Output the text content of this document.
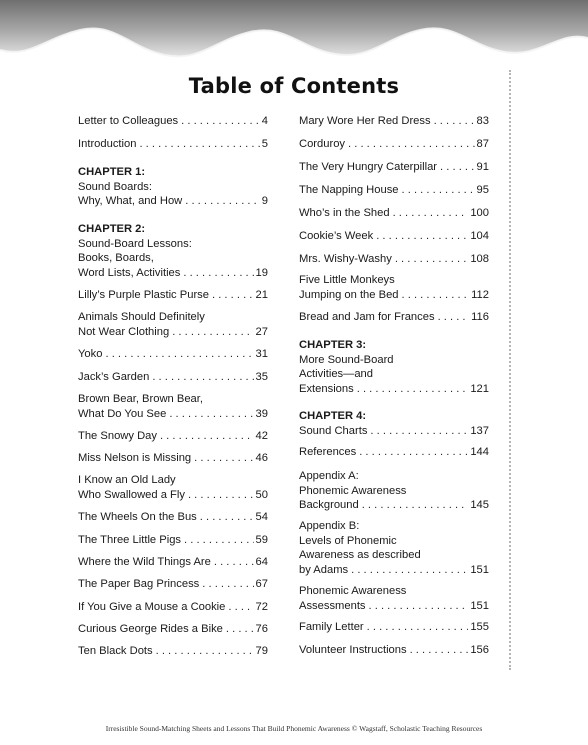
Table of Contents
Letter to Colleagues . . .	4
Introduction . . .	5
CHAPTER 1:
Sound Boards:
Why, What, and How . . .	9
CHAPTER 2:
Sound-Board Lessons:
Books, Boards,
Word Lists, Activities . . .	19
Lilly’s Purple Plastic Purse . . .	21
Animals Should Definitely
Not Wear Clothing . . .	27
Yoko . . .	31
Jack’s Garden . . .	35
Brown Bear, Brown Bear,
What Do You See . . .	39
The Snowy Day . . .	42
Miss Nelson is Missing . . .	46
I Know an Old Lady
Who Swallowed a Fly . . .	50
The Wheels On the Bus . . .	54
The Three Little Pigs . . .	59
Where the Wild Things Are . . .	64
The Paper Bag Princess . . .	67
If You Give a Mouse a Cookie . . .	72
Curious George Rides a Bike . . .	76
Ten Black Dots . . .	79
Mary Wore Her Red Dress . . .	83
Corduroy . . .	87
The Very Hungry Caterpillar . . .	91
The Napping House . . .	95
Who’s in the Shed . . .	100
Cookie’s Week . . .	104
Mrs. Wishy-Washy . . .	108
Five Little Monkeys
Jumping on the Bed . . .	112
Bread and Jam for Frances . . .	116
CHAPTER 3:
More Sound-Board
Activities—and
Extensions . . .	121
CHAPTER 4:
Sound Charts . . .	137
References . . .	144
Appendix A:
Phonemic Awareness
Background . . .	145
Appendix B:
Levels of Phonemic
Awareness as described
by Adams . . .	151
Phonemic Awareness
Assessments . . .	151
Family Letter . . .	155
Volunteer Instructions . . .	156
Irresistible Sound-Matching Sheets and Lessons That Build Phonemic Awareness © Wagstaff, Scholastic Teaching Resources
